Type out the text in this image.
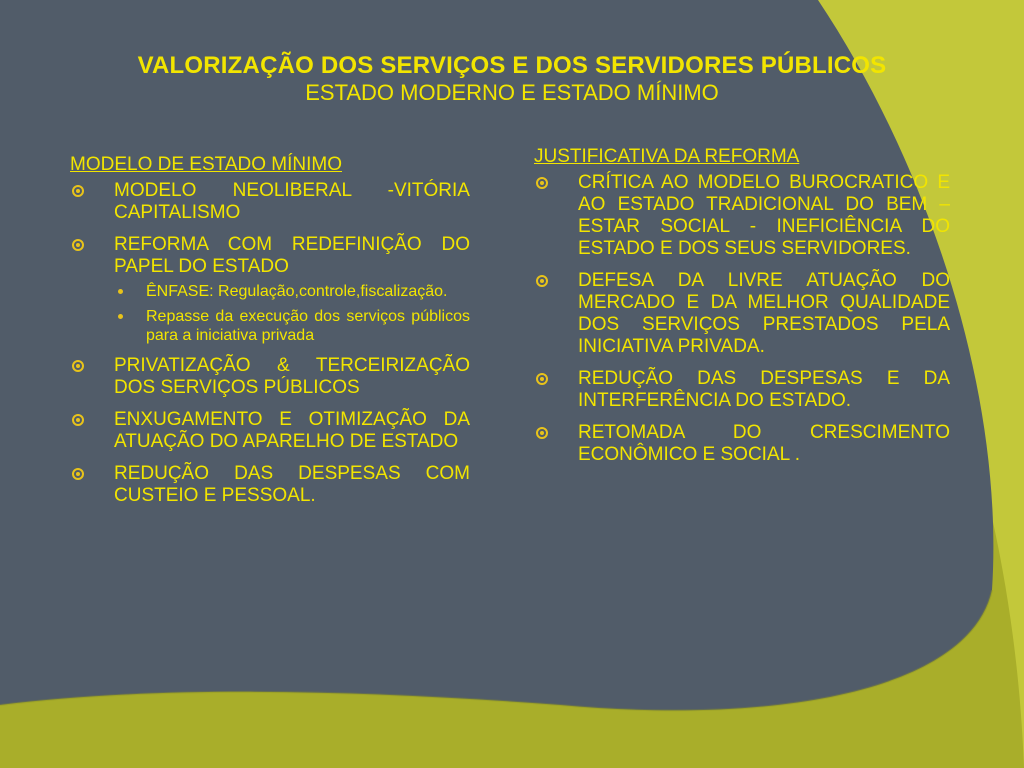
VALORIZAÇÃO DOS SERVIÇOS E DOS SERVIDORES PÚBLICOS
ESTADO MODERNO E ESTADO MÍNIMO
MODELO DE ESTADO MÍNIMO
MODELO NEOLIBERAL -VITÓRIA CAPITALISMO
REFORMA COM REDEFINIÇÃO DO PAPEL DO ESTADO
ÊNFASE: Regulação,controle,fiscalização.
Repasse da execução dos serviços públicos para a iniciativa privada
PRIVATIZAÇÃO & TERCEIRIZAÇÃO DOS SERVIÇOS PÚBLICOS
ENXUGAMENTO E OTIMIZAÇÃO DA ATUAÇÃO DO APARELHO DE ESTADO
REDUÇÃO DAS DESPESAS COM CUSTEIO E PESSOAL.
JUSTIFICATIVA DA REFORMA
CRÍTICA AO MODELO BUROCRATICO E AO ESTADO TRADICIONAL DO BEM – ESTAR SOCIAL - INEFICIÊNCIA DO ESTADO E DOS SEUS SERVIDORES.
DEFESA DA LIVRE ATUAÇÃO DO MERCADO E DA MELHOR QUALIDADE DOS SERVIÇOS PRESTADOS PELA INICIATIVA PRIVADA.
REDUÇÃO DAS DESPESAS E DA INTERFERÊNCIA DO ESTADO.
RETOMADA DO CRESCIMENTO ECONÔMICO E SOCIAL .
